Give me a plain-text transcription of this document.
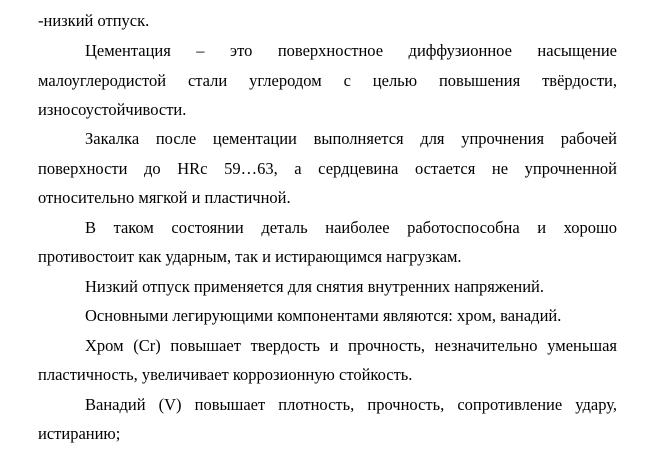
-низкий отпуск.
Цементация – это поверхностное диффузионное насыщение
малоуглеродистой стали углеродом с целью повышения твёрдости,
износоустойчивости.
Закалка после цементации выполняется для упрочнения рабочей
поверхности до HRc 59…63, а сердцевина остается не упрочненной
относительно мягкой и пластичной.
В таком состоянии деталь наиболее работоспособна и хорошо
противостоит как ударным, так и истирающимся нагрузкам.
Низкий отпуск применяется для снятия внутренних напряжений.
Основными легирующими компонентами являются: хром, ванадий.
Хром (Cr) повышает твердость и прочность, незначительно уменьшая
пластичность, увеличивает коррозионную стойкость.
Ванадий (V) повышает плотность, прочность, сопротивление удару,
истиранию;
